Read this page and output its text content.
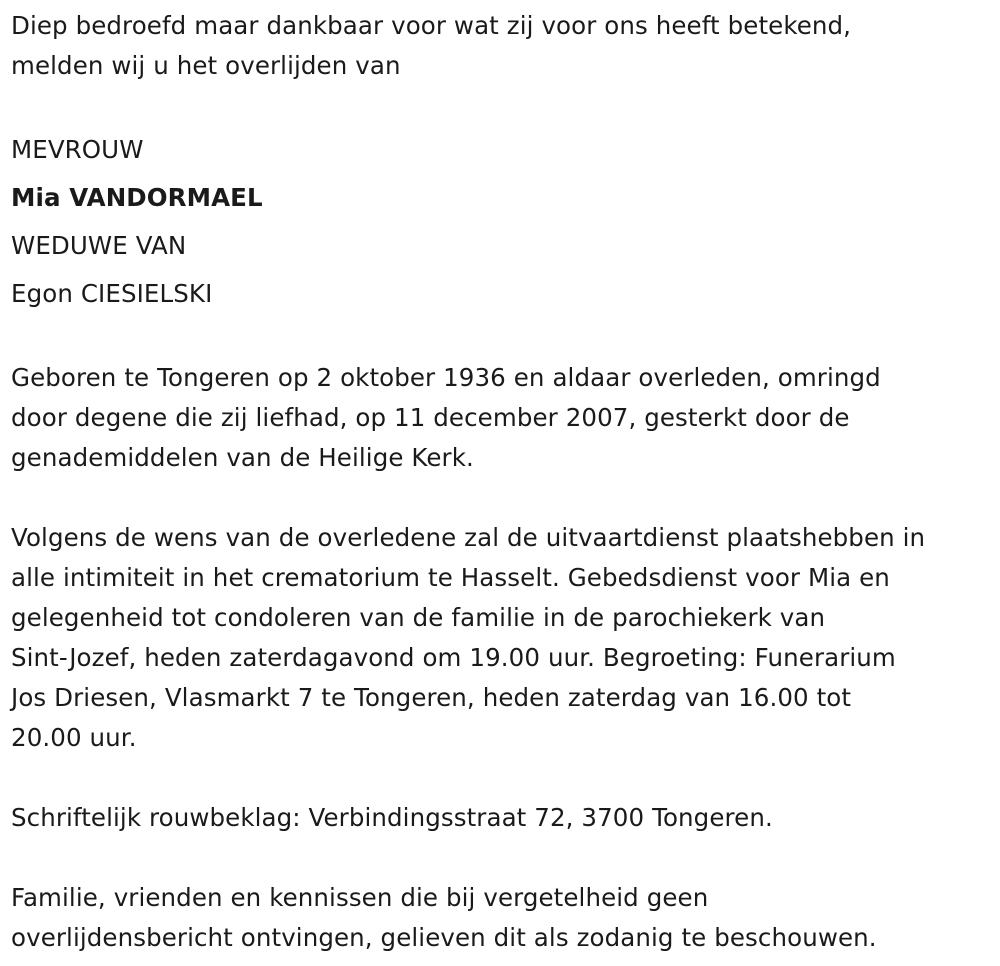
Diep bedroefd maar dankbaar voor wat zij voor ons heeft betekend,
melden wij u het overlijden van
MEVROUW
Mia VANDORMAEL
WEDUWE VAN
Egon CIESIELSKI
Geboren te Tongeren op 2 oktober 1936 en aldaar overleden, omringd
door degene die zij liefhad, op 11 december 2007, gesterkt door de
genademiddelen van de Heilige Kerk.
Volgens de wens van de overledene zal de uitvaartdienst plaatshebben in
alle intimiteit in het crematorium te Hasselt. Gebedsdienst voor Mia en
gelegenheid tot condoleren van de familie in de parochiekerk van
Sint-Jozef, heden zaterdagavond om 19.00 uur. Begroeting: Funerarium
Jos Driesen, Vlasmarkt 7 te Tongeren, heden zaterdag van 16.00 tot
20.00 uur.
Schriftelijk rouwbeklag: Verbindingsstraat 72, 3700 Tongeren.
Familie, vrienden en kennissen die bij vergetelheid geen
overlijdensbericht ontvingen, gelieven dit als zodanig te beschouwen.
